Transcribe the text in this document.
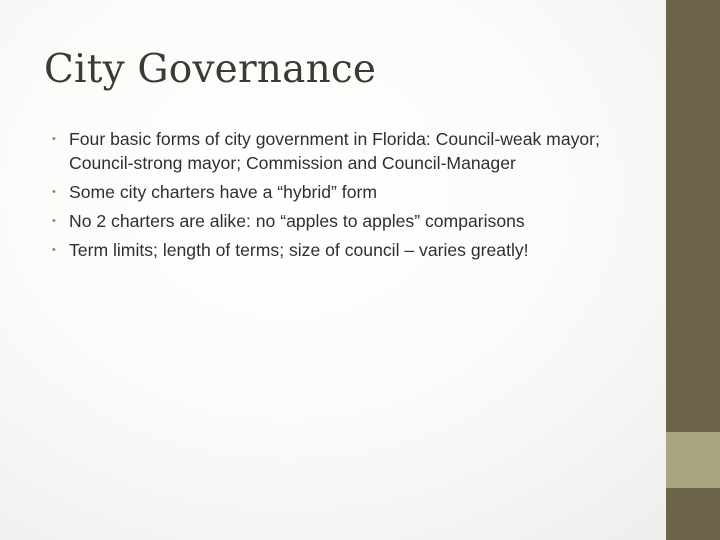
City Governance
• Four basic forms of city government in Florida: Council-weak mayor; Council-strong mayor; Commission and Council-Manager
• Some city charters have a “hybrid” form
• No 2 charters are alike: no “apples to apples” comparisons
• Term limits; length of terms; size of council – varies greatly!
